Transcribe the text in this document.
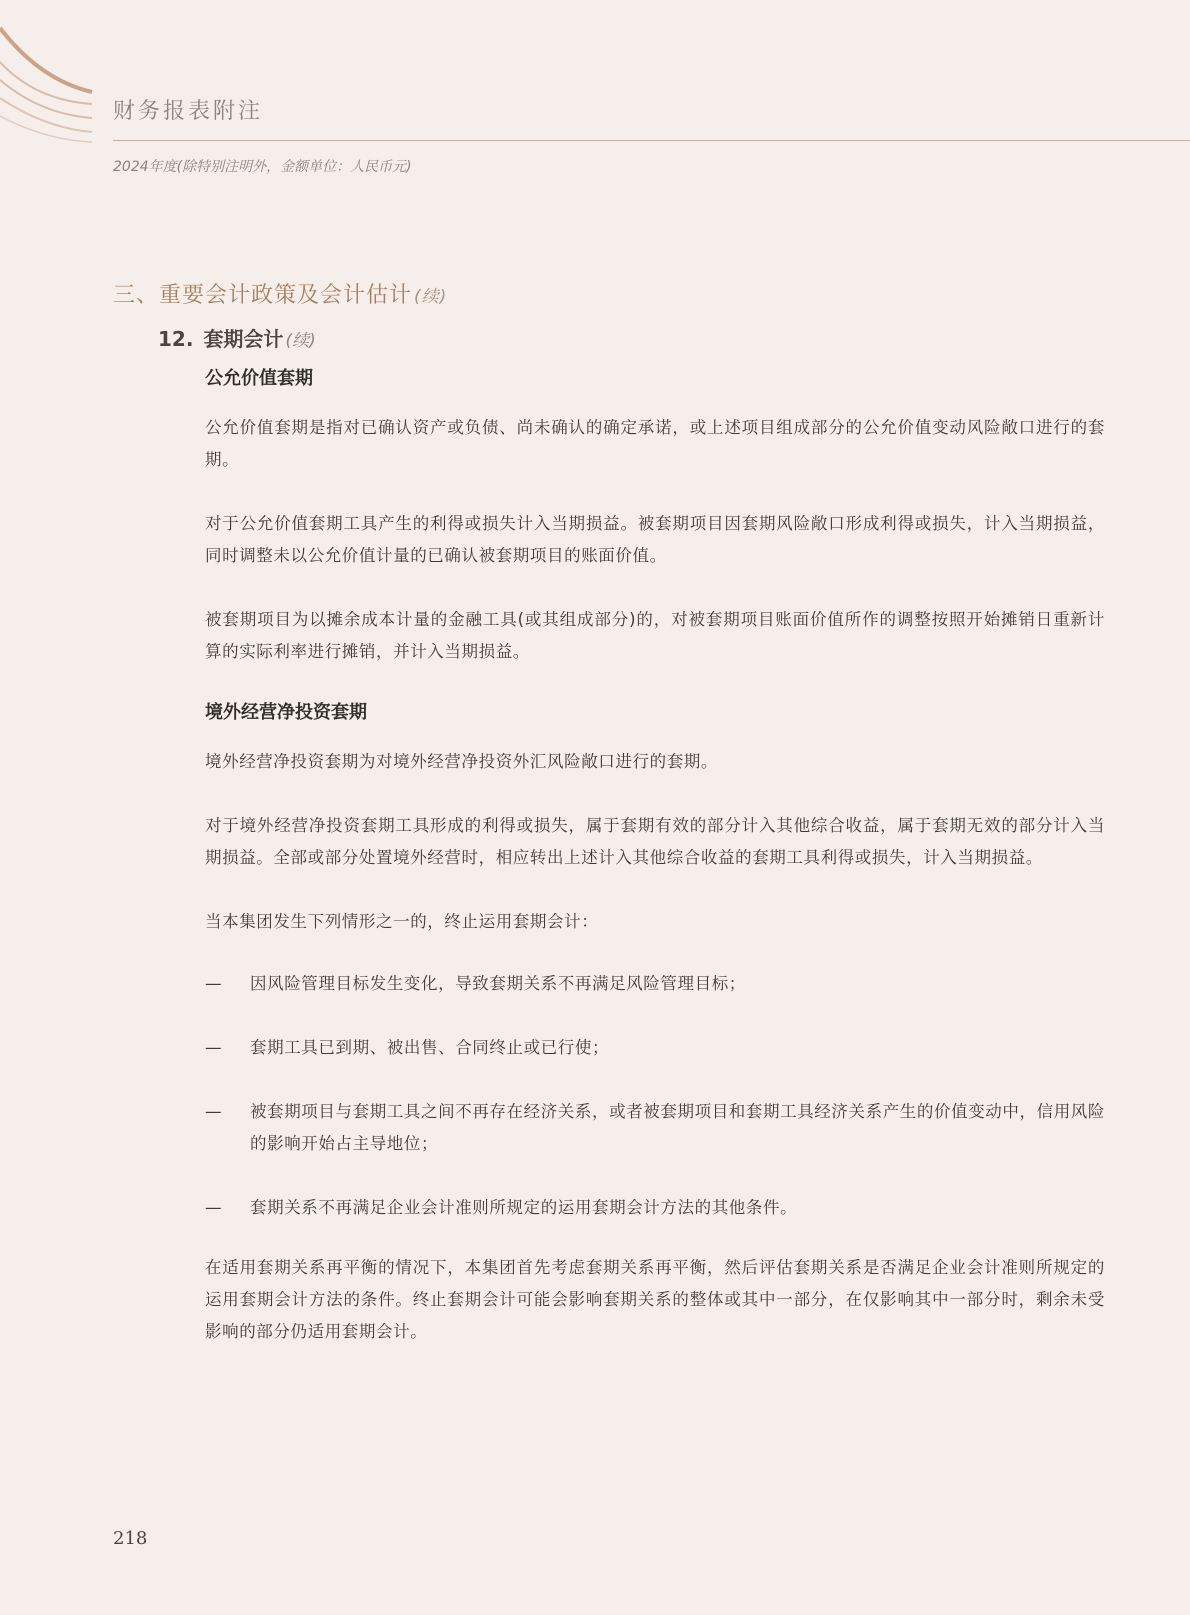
财务报表附注
2024年度(除特别注明外，金额单位：人民币元)
三、重要会计政策及会计估计 (续)
12. 套期会计 (续)
公允价值套期

公允价值套期是指对已确认资产或负债、尚未确认的确定承诺，或上述项目组成部分的公允价值变动风险敞口进行的套期。

对于公允价值套期工具产生的利得或损失计入当期损益。被套期项目因套期风险敞口形成利得或损失，计入当期损益，同时调整未以公允价值计量的已确认被套期项目的账面价值。

被套期项目为以摊余成本计量的金融工具(或其组成部分)的，对被套期项目账面价值所作的调整按照开始摊销日重新计算的实际利率进行摊销，并计入当期损益。

境外经营净投资套期

境外经营净投资套期为对境外经营净投资外汇风险敞口进行的套期。

对于境外经营净投资套期工具形成的利得或损失，属于套期有效的部分计入其他综合收益，属于套期无效的部分计入当期损益。全部或部分处置境外经营时，相应转出上述计入其他综合收益的套期工具利得或损失，计入当期损益。

当本集团发生下列情形之一的，终止运用套期会计：

—	因风险管理目标发生变化，导致套期关系不再满足风险管理目标；
—	套期工具已到期、被出售、合同终止或已行使；
—	被套期项目与套期工具之间不再存在经济关系，或者被套期项目和套期工具经济关系产生的价值变动中，信用风险的影响开始占主导地位；
—	套期关系不再满足企业会计准则所规定的运用套期会计方法的其他条件。

在适用套期关系再平衡的情况下，本集团首先考虑套期关系再平衡，然后评估套期关系是否满足企业会计准则所规定的运用套期会计方法的条件。终止套期会计可能会影响套期关系的整体或其中一部分，在仅影响其中一部分时，剩余未受影响的部分仍适用套期会计。

218
